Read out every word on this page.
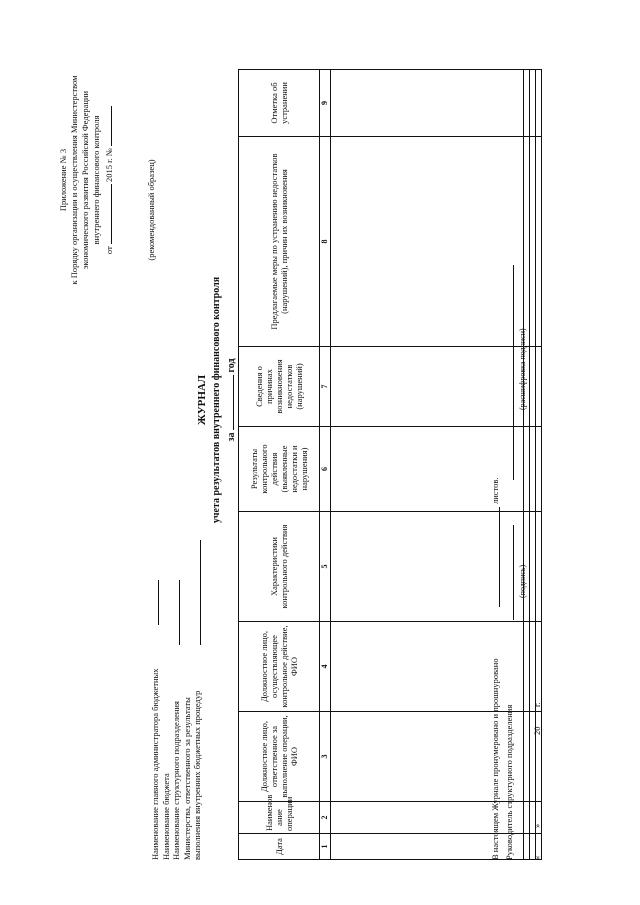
Приложение № 3 к Порядку организации и осуществления Министерством экономического развития Российской Федерации внутреннего финансового контроля
от  2015 г. №	(рекомендованный образец)
Наименование главного администратора бюджетных Наименование бюджета Наименование структурного подразделения Министерства, ответственного за результаты выполнения внутренних бюджетных процедур
ЖУРНАЛ учета результатов внутреннего финансового контроля за  год
Дата	Наименов ание операции	Должностное лицо, ответственное за выполнение операции, ФИО	Должностное лицо, осуществляющее контрольное действие, ФИО	Характеристики контрольного действия	Результаты контрольного действия (выявленные недостатки и нарушения)	Сведения о причинах возникновения недостатков (нарушений)	Предлагаемые меры по устранению недостатков (нарушений), причин их возникновения	Отметка об устранении
1	2	3	4	5	6	7	8	9

В настоящем Журнале пронумеровано и прошнуровано
листов.
Руководитель структурного подразделения
(подпись)
(расшифровка подписи)
«
»
20
г.
